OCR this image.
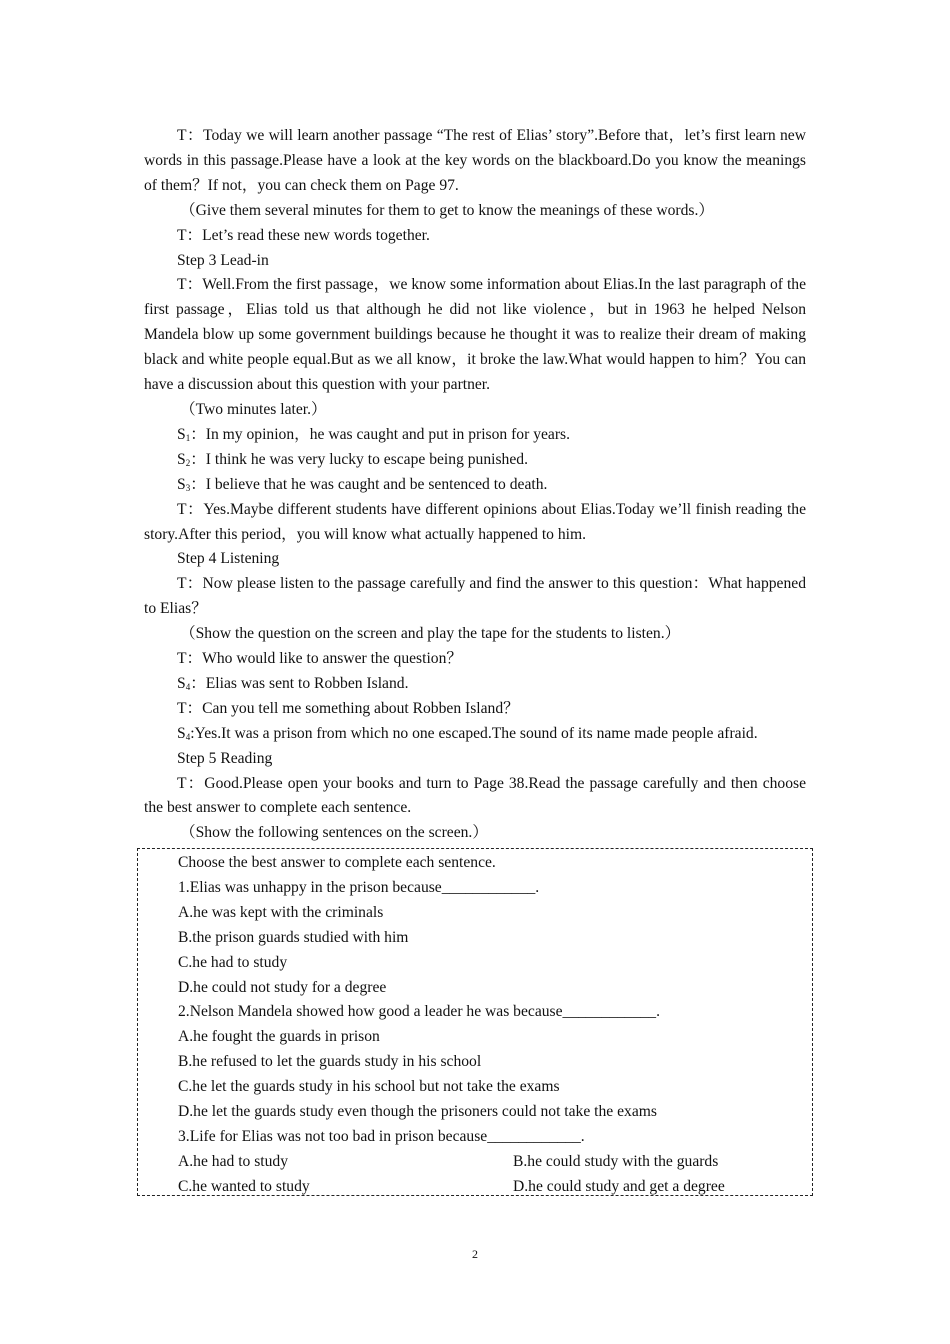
T：Today we will learn another passage “The rest of Elias’ story”.Before that，let’s first learn new words in this passage.Please have a look at the key words on the blackboard.Do you know the meanings of them？If not，you can check them on Page 97.

（Give them several minutes for them to get to know the meanings of these words.）

T：Let’s read these new words together.

Step 3 Lead-in

T：Well.From the first passage，we know some information about Elias.In the last paragraph of the first passage，Elias told us that although he did not like violence，but in 1963 he helped Nelson Mandela blow up some government buildings because he thought it was to realize their dream of making black and white people equal.But as we all know，it broke the law.What would happen to him？You can have a discussion about this question with your partner.

（Two minutes later.）

$S_1$：In my opinion，he was caught and put in prison for years.

$S_2$：I think he was very lucky to escape being punished.

$S_3$：I believe that he was caught and be sentenced to death.

T：Yes.Maybe different students have different opinions about Elias.Today we’ll finish reading the story.After this period，you will know what actually happened to him.

Step 4 Listening

T：Now please listen to the passage carefully and find the answer to this question：What happened to Elias？

（Show the question on the screen and play the tape for the students to listen.）

T：Who would like to answer the question？

$S_4$：Elias was sent to Robben Island.

T：Can you tell me something about Robben Island？

$S_4:Yes.It$ was a prison from which no one escaped.The sound of its name made people afraid.

Step 5 Reading

T：Good.Please open your books and turn to Page 38.Read the passage carefully and then choose the best answer to complete each sentence.

（Show the following sentences on the screen.）

Choose the best answer to complete each sentence.

1.Elias was unhappy in the prison because____________.

A.he was kept with the criminals

B.the prison guards studied with him

C.he had to study

D.he could not study for a degree

2.Nelson Mandela showed how good a leader he was because____________.

A.he fought the guards in prison

B.he refused to let the guards study in his school

C.he let the guards study in his school but not take the exams

D.he let the guards study even though the prisoners could not take the exams

3.Life for Elias was not too bad in prison because____________.

A.he had to study	B.he could study with the guards

C.he wanted to study	D.he could study and get a degree

2
